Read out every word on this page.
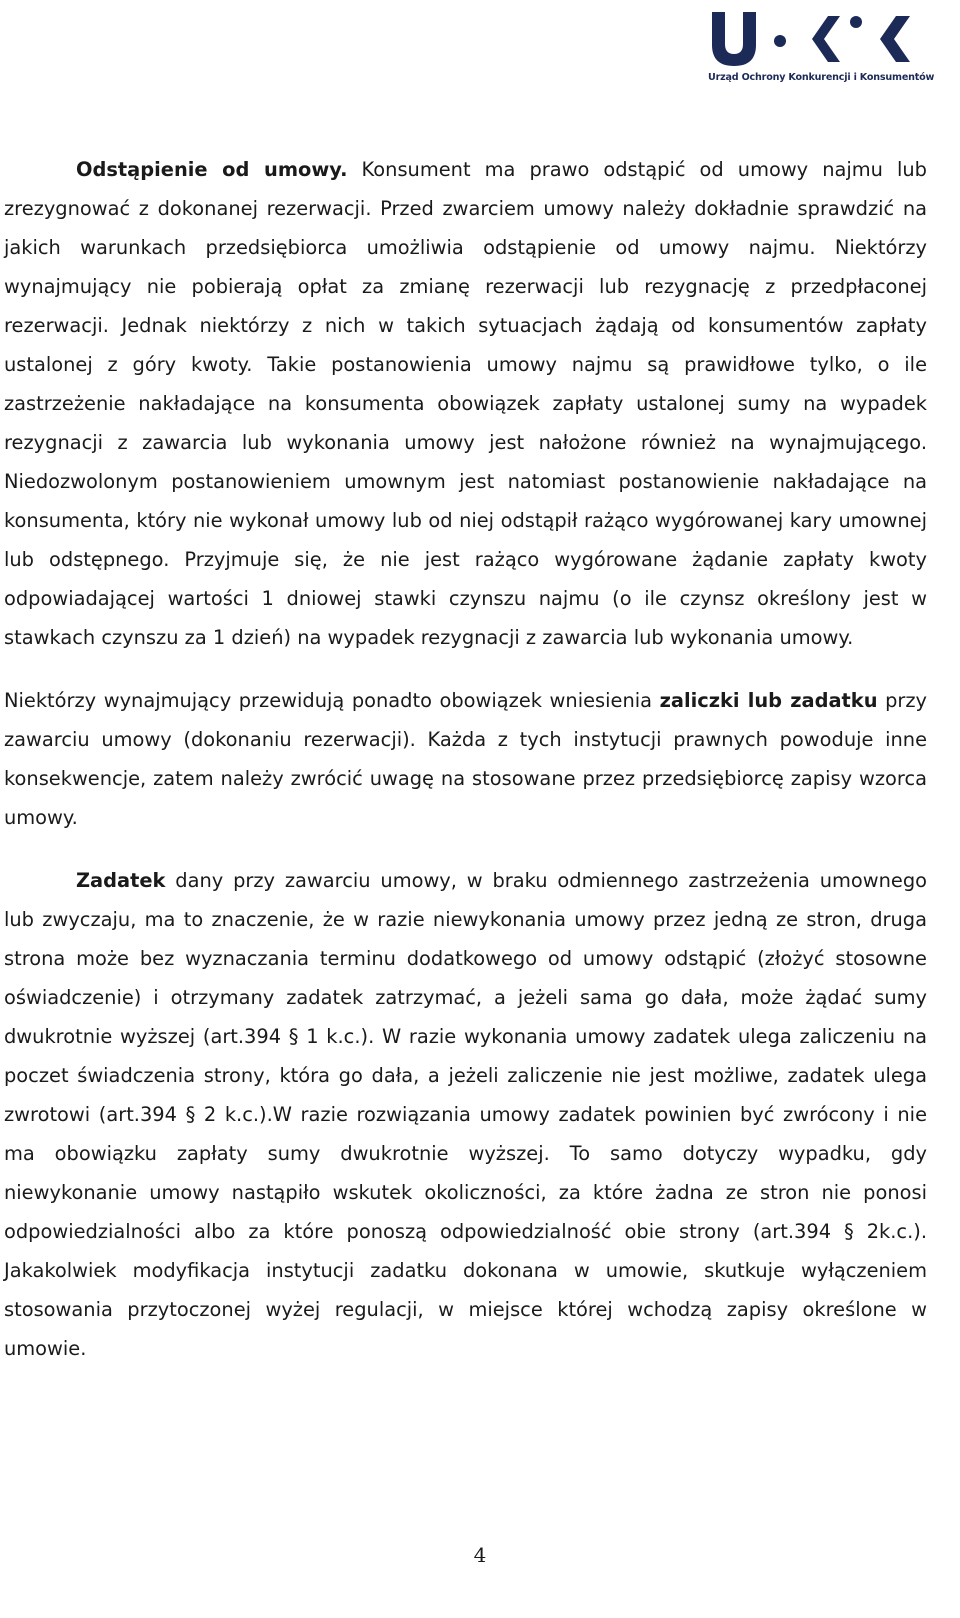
Urząd Ochrony Konkurencji i Konsumentów

Odstąpienie od umowy. Konsument ma prawo odstąpić od umowy najmu lub zrezygnować z dokonanej rezerwacji. Przed zwarciem umowy należy dokładnie sprawdzić na jakich warunkach przedsiębiorca umożliwia odstąpienie od umowy najmu. Niektórzy wynajmujący nie pobierają opłat za zmianę rezerwacji lub rezygnację z przedpłaconej rezerwacji. Jednak niektórzy z nich w takich sytuacjach żądają od konsumentów zapłaty ustalonej z góry kwoty. Takie postanowienia umowy najmu są prawidłowe tylko, o ile zastrzeżenie nakładające na konsumenta obowiązek zapłaty ustalonej sumy na wypadek rezygnacji z zawarcia lub wykonania umowy jest nałożone również na wynajmującego. Niedozwolonym postanowieniem umownym jest natomiast postanowienie nakładające na konsumenta, który nie wykonał umowy lub od niej odstąpił rażąco wygórowanej kary umownej lub odstępnego. Przyjmuje się, że nie jest rażąco wygórowane żądanie zapłaty kwoty odpowiadającej wartości 1 dniowej stawki czynszu najmu (o ile czynsz określony jest w stawkach czynszu za 1 dzień) na wypadek rezygnacji z zawarcia lub wykonania umowy.

Niektórzy wynajmujący przewidują ponadto obowiązek wniesienia zaliczki lub zadatku przy zawarciu umowy (dokonaniu rezerwacji). Każda z tych instytucji prawnych powoduje inne konsekwencje, zatem należy zwrócić uwagę na stosowane przez przedsiębiorcę zapisy wzorca umowy.

Zadatek dany przy zawarciu umowy, w braku odmiennego zastrzeżenia umownego lub zwyczaju, ma to znaczenie, że w razie niewykonania umowy przez jedną ze stron, druga strona może bez wyznaczania terminu dodatkowego od umowy odstąpić (złożyć stosowne oświadczenie) i otrzymany zadatek zatrzymać, a jeżeli sama go dała, może żądać sumy dwukrotnie wyższej (art.394 § 1 k.c.). W razie wykonania umowy zadatek ulega zaliczeniu na poczet świadczenia strony, która go dała, a jeżeli zaliczenie nie jest możliwe, zadatek ulega zwrotowi (art.394 § 2 k.c.).W razie rozwiązania umowy zadatek powinien być zwrócony i nie ma obowiązku zapłaty sumy dwukrotnie wyższej. To samo dotyczy wypadku, gdy niewykonanie umowy nastąpiło wskutek okoliczności, za które żadna ze stron nie ponosi odpowiedzialności albo za które ponoszą odpowiedzialność obie strony (art.394 § 2k.c.). Jakakolwiek modyfikacja instytucji zadatku dokonana w umowie, skutkuje wyłączeniem stosowania przytoczonej wyżej regulacji, w miejsce której wchodzą zapisy określone w umowie.

4
